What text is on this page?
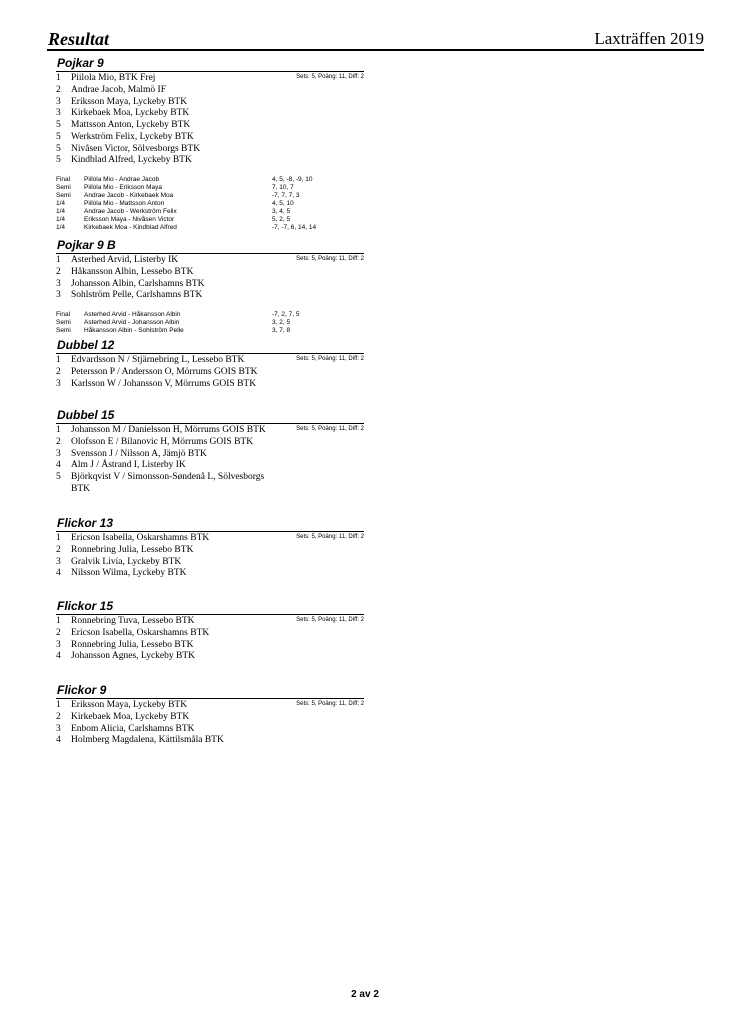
Resultat	Laxträffen 2019
Pojkar 9
Sets: 5, Poäng: 11, Diff: 2
1	Piilola Mio, BTK Frej
2	Andrae Jacob, Malmö IF
3	Eriksson Maya, Lyckeby BTK
3	Kirkebaek Moa, Lyckeby BTK
5	Mattsson Anton, Lyckeby BTK
5	Werkström Felix, Lyckeby BTK
5	Nivåsen Victor, Sölvesborgs BTK
5	Kindblad Alfred, Lyckeby BTK
Final	Piilola Mio - Andrae Jacob	4, 5, -8, -9, 10
Semi	Piilola Mio - Eriksson Maya	7, 10, 7
Semi	Andrae Jacob - Kirkebaek Moa	-7, 7, 7, 3
1/4	Piilola Mio - Mattsson Anton	4, 5, 10
1/4	Andrae Jacob - Werkström Felix	3, 4, 5
1/4	Eriksson Maya - Nivåsen Victor	5, 2, 5
1/4	Kirkebaek Moa - Kindblad Alfred	-7, -7, 6, 14, 14
Pojkar 9 B
Sets: 5, Poäng: 11, Diff: 2
1	Asterhed Arvid, Listerby IK
2	Håkansson Albin, Lessebo BTK
3	Johansson Albin, Carlshamns BTK
3	Sohlström Pelle, Carlshamns BTK
Final	Asterhed Arvid - Håkansson Albin	-7, 2, 7, 5
Semi	Asterhed Arvid - Johansson Albin	3, 2, 5
Semi	Håkansson Albin - Sohlström Pelle	3, 7, 8
Dubbel 12
Sets: 5, Poäng: 11, Diff: 2
1	Edvardsson N / Stjärnebring L, Lessebo BTK
2	Petersson P / Andersson O, Mörrums GOIS BTK
3	Karlsson W / Johansson V, Mörrums GOIS BTK
Dubbel 15
Sets: 5, Poäng: 11, Diff: 2
1	Johansson M / Danielsson H, Mörrums GOIS BTK
2	Olofsson E / Bilanovic H, Mörrums GOIS BTK
3	Svensson J / Nilsson A, Jämjö BTK
4	Alm J / Åstrand I, Listerby IK
5	Björkqvist V / Simonsson-Søndenå L, Sölvesborgs BTK
Flickor 13
Sets: 5, Poäng: 11, Diff: 2
1	Ericson Isabella, Oskarshamns BTK
2	Ronnebring Julia, Lessebo BTK
3	Gralvik Livia, Lyckeby BTK
4	Nilsson Wilma, Lyckeby BTK
Flickor 15
Sets: 5, Poäng: 11, Diff: 2
1	Ronnebring Tuva, Lessebo BTK
2	Ericson Isabella, Oskarshamns BTK
3	Ronnebring Julia, Lessebo BTK
4	Johansson Agnes, Lyckeby BTK
Flickor 9
Sets: 5, Poäng: 11, Diff: 2
1	Eriksson Maya, Lyckeby BTK
2	Kirkebaek Moa, Lyckeby BTK
3	Enbom Alicia, Carlshamns BTK
4	Holmberg Magdalena, Kättilsmåla BTK
2 av 2
